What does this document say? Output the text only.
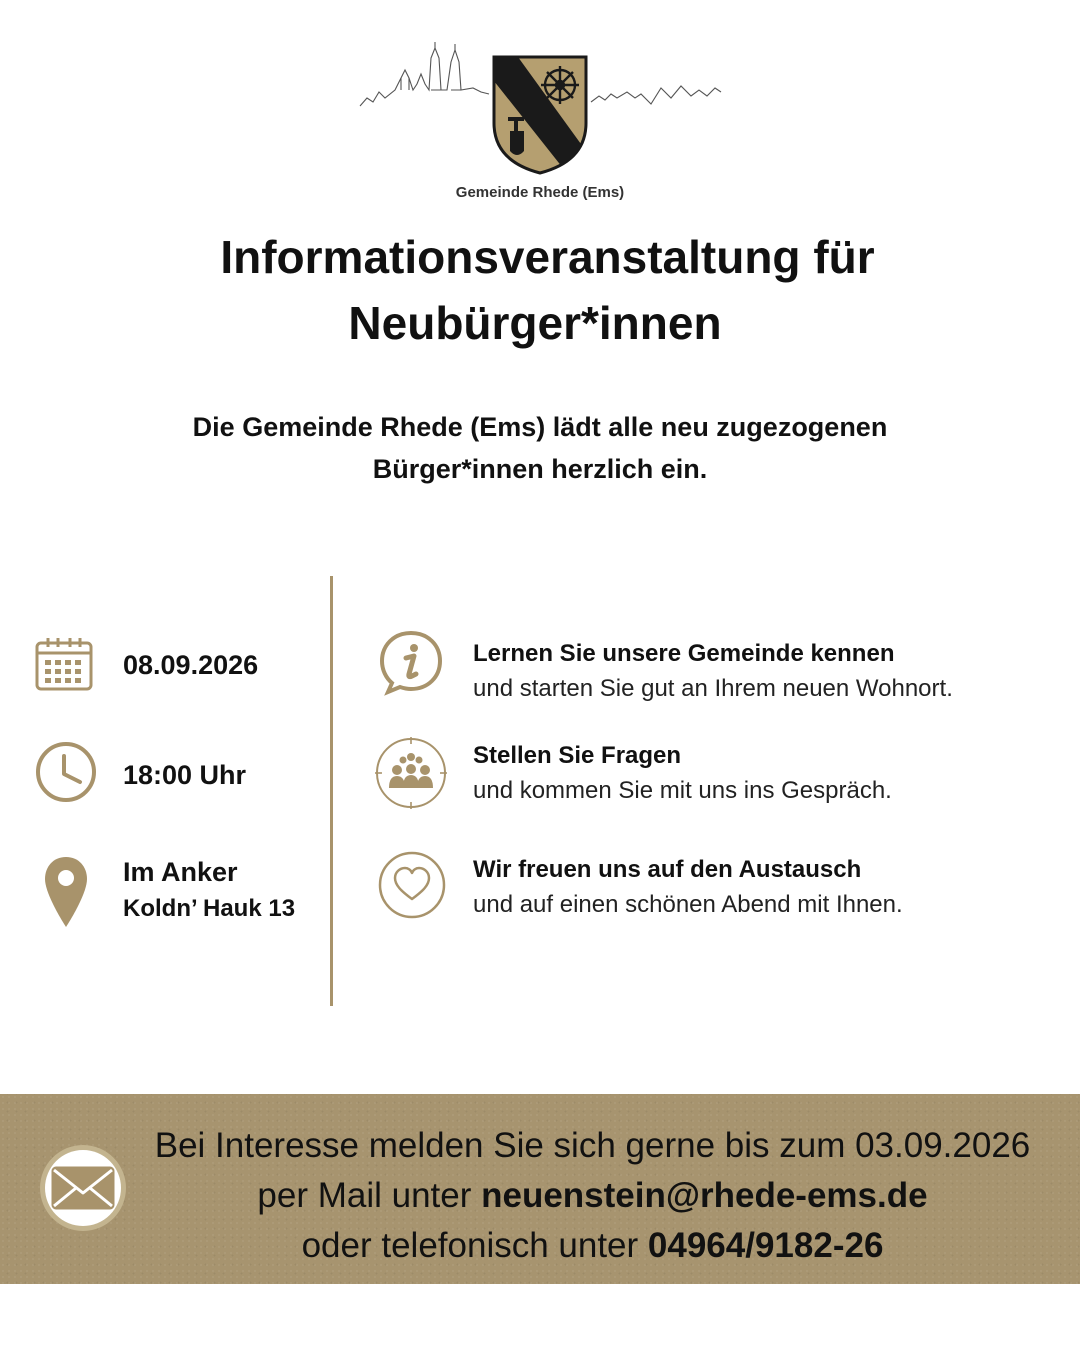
Gemeinde Rhede (Ems)
Informationsveranstaltung für
Neubürger*innen
Die Gemeinde Rhede (Ems) lädt alle neu zugezogenen
Bürger*innen herzlich ein.
08.09.2026
18:00 Uhr
Im Anker
Koldn’ Hauk 13
Lernen Sie unsere Gemeinde kennen
und starten Sie gut an Ihrem neuen Wohnort.
Stellen Sie Fragen
und kommen Sie mit uns ins Gespräch.
Wir freuen uns auf den Austausch
und auf einen schönen Abend mit Ihnen.
Bei Interesse melden Sie sich gerne bis zum 03.09.2026
per Mail unter neuenstein@rhede-ems.de
oder telefonisch unter 04964/9182-26
